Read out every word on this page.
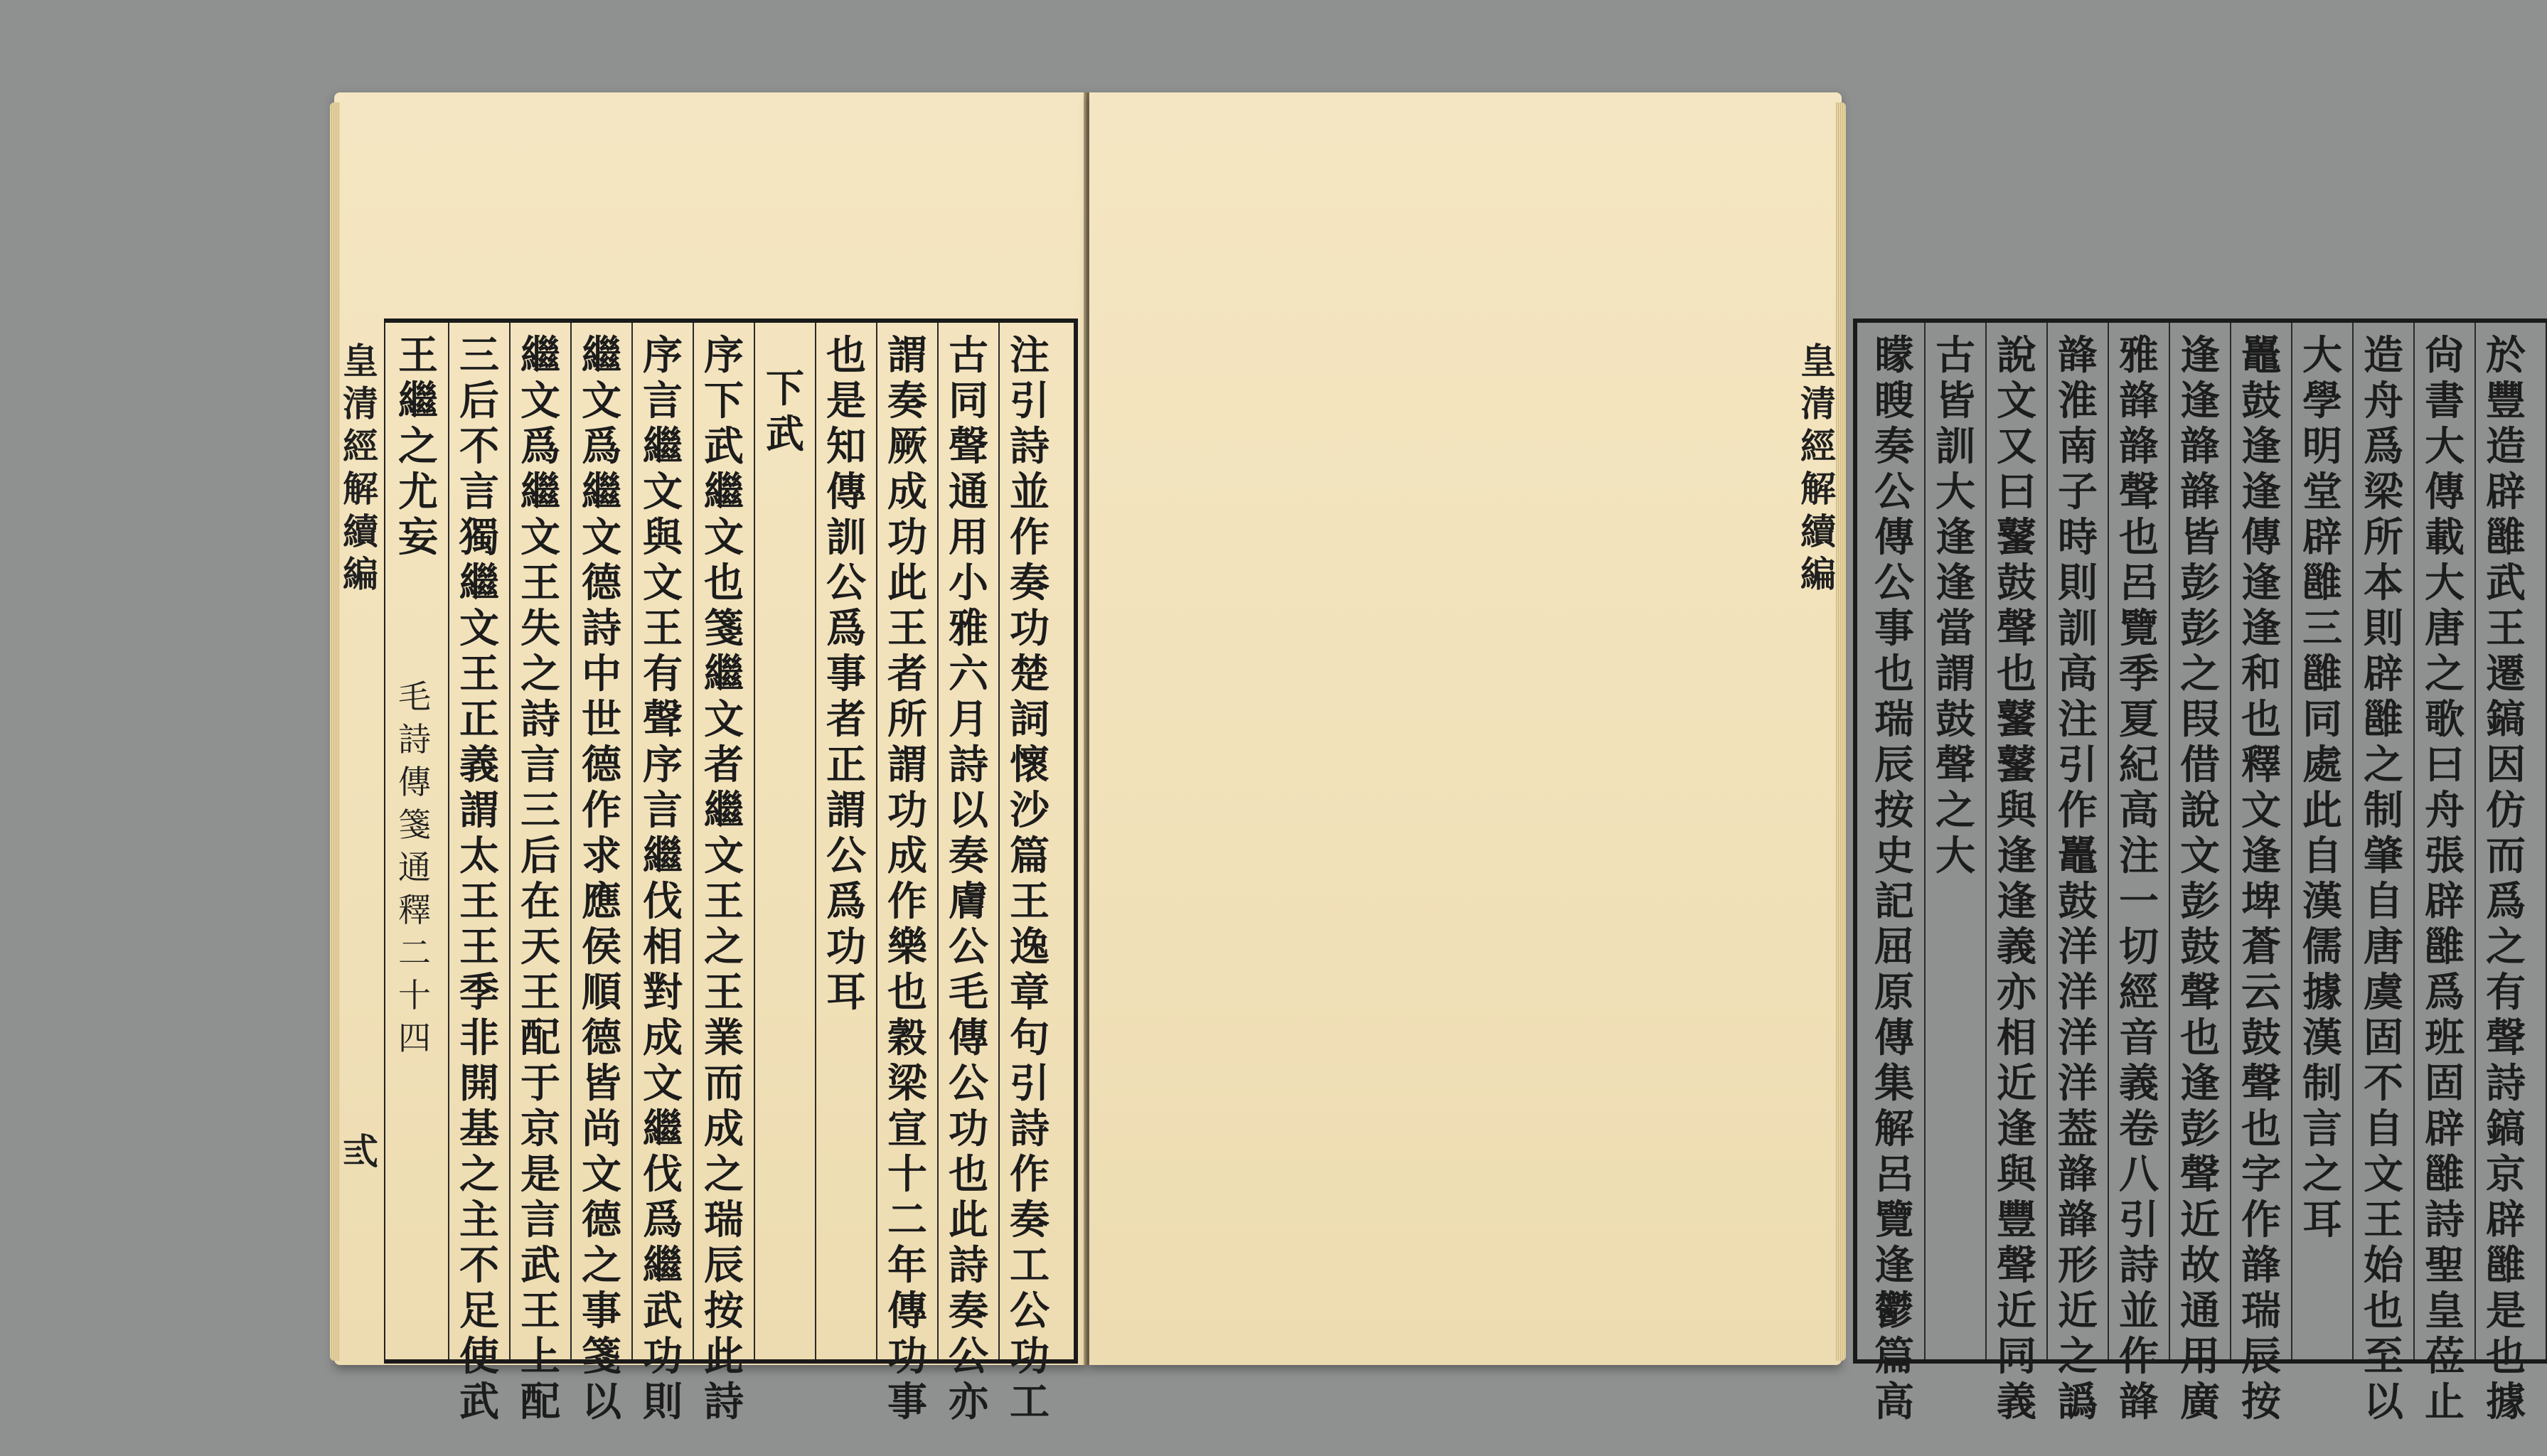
皇
清
經
解
續
編
毛
詩
傳
箋
通
釋
二
十
四
弎
注
引
詩
並
作
奏
功
楚
詞
懷
沙
篇
王
逸
章
句
引
詩
作
奏
工
公
功
工
古
同
聲
通
用
小
雅
六
月
詩
以
奏
膚
公
毛
傳
公
功
也
此
詩
奏
公
亦
謂
奏
厥
成
功
此
王
者
所
謂
功
成
作
樂
也
穀
梁
宣
十
二
年
傳
功
事
也
是
知
傳
訓
公
爲
事
者
正
謂
公
爲
功
耳
下
武
序
下
武
繼
文
也
箋
繼
文
者
繼
文
王
之
王
業
而
成
之
瑞
辰
按
此
詩
序
言
繼
文
與
文
王
有
聲
序
言
繼
伐
相
對
成
文
繼
伐
爲
繼
武
功
則
繼
文
爲
繼
文
德
詩
中
世
德
作
求
應
侯
順
德
皆
尚
文
德
之
事
箋
以
繼
文
爲
繼
文
王
失
之
詩
言
三
后
在
天
王
配
于
京
是
言
武
王
上
配
三
后
不
言
獨
繼
文
王
正
義
謂
太
王
王
季
非
開
基
之
主
不
足
使
武
王
繼
之
尤
妄
皇
清
經
解
續
編
於
豐
造
辟
雝
武
王
遷
鎬
因
仿
而
爲
之
有
聲
詩
鎬
京
辟
雝
是
也
據
尙
書
大
傳
載
大
唐
之
歌
曰
舟
張
辟
雝
爲
班
固
辟
雝
詩
聖
皇
莅
止
造
舟
爲
梁
所
本
則
辟
雝
之
制
肇
自
唐
虞
固
不
自
文
王
始
也
至
以
大
學
明
堂
辟
雝
三
雝
同
處
此
自
漢
儒
據
漢
制
言
之
耳
鼉
鼓
逢
逢
傳
逢
逢
和
也
釋
文
逢
埤
蒼
云
鼓
聲
也
字
作
韸
瑞
辰
按
逢
逢
韸
韸
皆
彭
彭
之
叚
借
說
文
彭
鼓
聲
也
逢
彭
聲
近
故
通
用
廣
雅
韸
韸
聲
也
呂
覽
季
夏
紀
高
注
一
切
經
音
義
卷
八
引
詩
並
作
韸
韸
淮
南
子
時
則
訓
高
注
引
作
鼉
鼓
洋
洋
洋
洋
葢
韸
韸
形
近
之
譌
說
文
又
曰
鼜
鼓
聲
也
鼜
鼜
與
逢
逢
義
亦
相
近
逢
與
豐
聲
近
同
義
古
皆
訓
大
逢
逢
當
謂
鼓
聲
之
大
矇
瞍
奏
公
傳
公
事
也
瑞
辰
按
史
記
屈
原
傳
集
解
呂
覽
逢
鬱
篇
高
